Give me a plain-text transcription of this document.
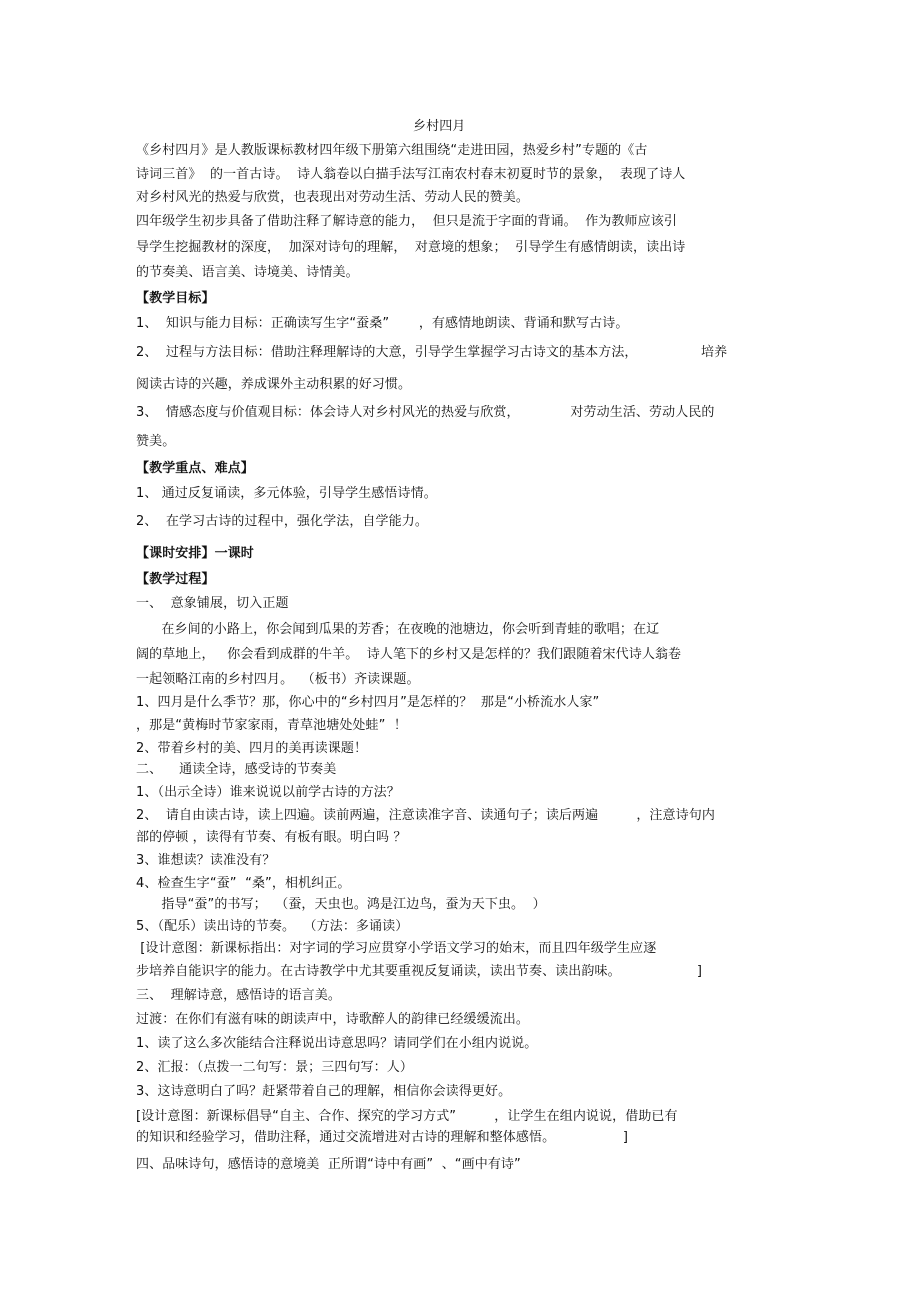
乡村四月

《乡村四月》是人教版课标教材四年级下册第六组围绕“走进田园，热爱乡村”专题的《古

诗词三首》  的一首古诗。  诗人翁卷以白描手法写江南农村春末初夏时节的景象，  表现了诗人

对乡村风光的热爱与欣赏，也表现出对劳动生活、劳动人民的赞美。

四年级学生初步具备了借助注释了解诗意的能力，  但只是流于字面的背诵。  作为教师应该引

导学生挖掘教材的深度，  加深对诗句的理解，  对意境的想象；  引导学生有感情朗读，读出诗

的节奏美、语言美、诗境美、诗情美。

【教学目标】

1、  知识与能力目标：正确读写生字“蚕桑”       ，有感情地朗读、背诵和默写古诗。

2、  过程与方法目标：借助注释理解诗的大意，引导学生掌握学习古诗文的基本方法，               培养

阅读古诗的兴趣，养成课外主动积累的好习惯。

3、  情感态度与价值观目标：体会诗人对乡村风光的热爱与欣赏，            对劳动生活、劳动人民的

赞美。

【教学重点、难点】

1、 通过反复诵读，多元体验，引导学生感悟诗情。

2、  在学习古诗的过程中，强化学法，自学能力。

【课时安排】一课时

【教学过程】

一、  意象铺展，切入正题

在乡间的小路上，你会闻到瓜果的芳香；在夜晚的池塘边，你会听到青蛙的歌唱；在辽

阔的草地上，   你会看到成群的牛羊。  诗人笔下的乡村又是怎样的？我们跟随着宋代诗人翁卷

一起领略江南的乡村四月。  （板书）齐读课题。

1、四月是什么季节？那，你心中的“乡村四月”是怎样的？  那是“小桥流水人家”

，那是“黄梅时节家家雨，青草池塘处处蛙”  ！

2、带着乡村的美、四月的美再读课题！

二、    通读全诗，感受诗的节奏美

1、（出示全诗）谁来说说以前学古诗的方法？

2、  请自由读古诗，读上四遍。读前两遍，注意读准字音、读通句子；读后两遍         ，注意诗句内

部的停顿 ，读得有节奏、有板有眼。明白吗 ？

3、谁想读？读准没有？

4、检查生字“蚕”  “桑”，相机纠正。

指导“蚕”的书写；  （蚕，天虫也。鸿是江边鸟，蚕为天下虫。  ）

5、（配乐）读出诗的节奏。  （方法：多诵读）

[设计意图：新课标指出：对字词的学习应贯穿小学语文学习的始末，而且四年级学生应逐

步培养自能识字的能力。在古诗教学中尤其要重视反复诵读，读出节奏、读出韵味。                  ]

三、  理解诗意，感悟诗的语言美。

过渡：在你们有滋有味的朗读声中，诗歌醉人的韵律已经缓缓流出。

1、读了这么多次能结合注释说出诗意思吗？请同学们在小组内说说。

2、汇报：（点拨一二句写：景；三四句写：人）

3、这诗意明白了吗？赶紧带着自己的理解，相信你会读得更好。

[设计意图：新课标倡导“自主、合作、探究的学习方式”         ，让学生在组内说说，借助已有

的知识和经验学习，借助注释，通过交流增进对古诗的理解和整体感悟。                ]

四、品味诗句，感悟诗的意境美  正所谓“诗中有画”  、“画中有诗”
